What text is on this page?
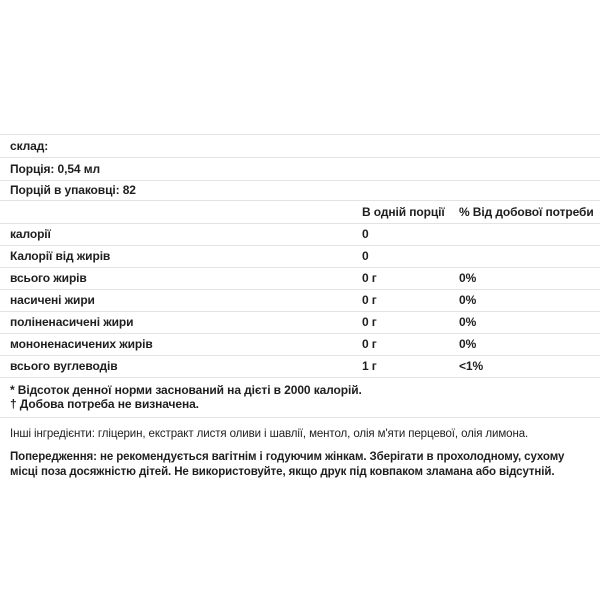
склад:
Порція: 0,54 мл
Порцій в упаковці: 82
	В одній порції	% Від добової потреби
калорії	0	
Калорії від жирів	0	
всього жирів	0 г	0%
насичені жири	0 г	0%
поліненасичені жири	0 г	0%
мононенасичених жирів	0 г	0%
всього вуглеводів	1 г	<1%
* Відсоток денної норми заснований на дієті в 2000 калорій.
† Добова потреба не визначена.

Інші інгредієнти: гліцерин, екстракт листя оливи і шавлії, ментол, олія м'яти перцевої, олія лимона.

Попередження: не рекомендується вагітнім і годуючим жінкам. Зберігати в прохолодному, сухому місці поза досяжністю дітей. Не використовуйте, якщо друк під ковпаком зламана або відсутній.
